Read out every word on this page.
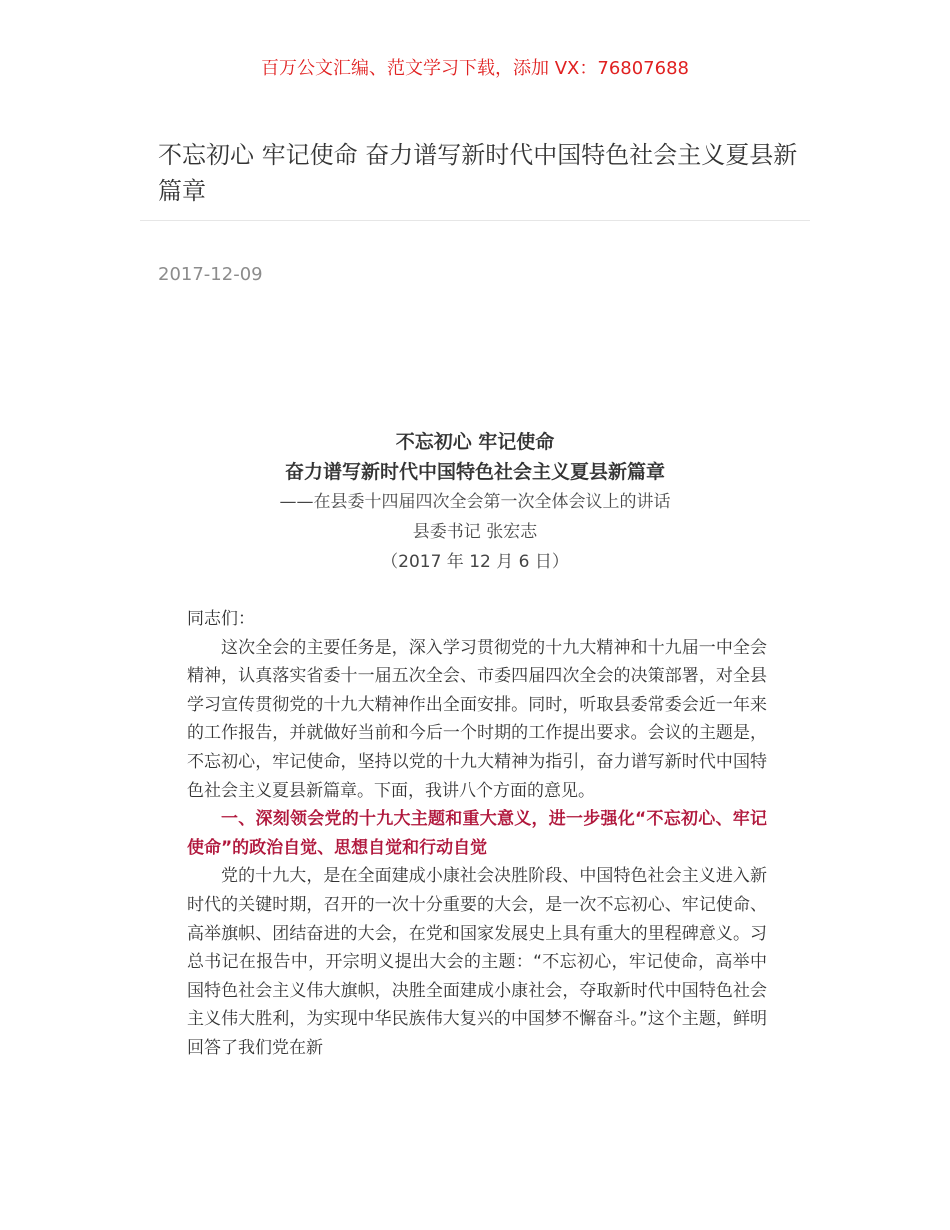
百万公文汇编、范文学习下载，添加 VX：76807688
不忘初心 牢记使命 奋力谱写新时代中国特色社会主义夏县新篇章
2017-12-09
不忘初心 牢记使命
奋力谱写新时代中国特色社会主义夏县新篇章
——在县委十四届四次全会第一次全体会议上的讲话
县委书记 张宏志
（2017 年 12 月 6 日）

同志们：

这次全会的主要任务是，深入学习贯彻党的十九大精神和十九届一中全会精神，认真落实省委十一届五次全会、市委四届四次全会的决策部署，对全县学习宣传贯彻党的十九大精神作出全面安排。同时，听取县委常委会近一年来的工作报告，并就做好当前和今后一个时期的工作提出要求。会议的主题是，不忘初心，牢记使命，坚持以党的十九大精神为指引，奋力谱写新时代中国特色社会主义夏县新篇章。下面，我讲八个方面的意见。

一、深刻领会党的十九大主题和重大意义，进一步强化“不忘初心、牢记使命”的政治自觉、思想自觉和行动自觉

党的十九大，是在全面建成小康社会决胜阶段、中国特色社会主义进入新时代的关键时期，召开的一次十分重要的大会，是一次不忘初心、牢记使命、高举旗帜、团结奋进的大会，在党和国家发展史上具有重大的里程碑意义。习总书记在报告中，开宗明义提出大会的主题：“不忘初心，牢记使命，高举中国特色社会主义伟大旗帜，决胜全面建成小康社会，夺取新时代中国特色社会主义伟大胜利，为实现中华民族伟大复兴的中国梦不懈奋斗。”这个主题，鲜明回答了我们党在新
